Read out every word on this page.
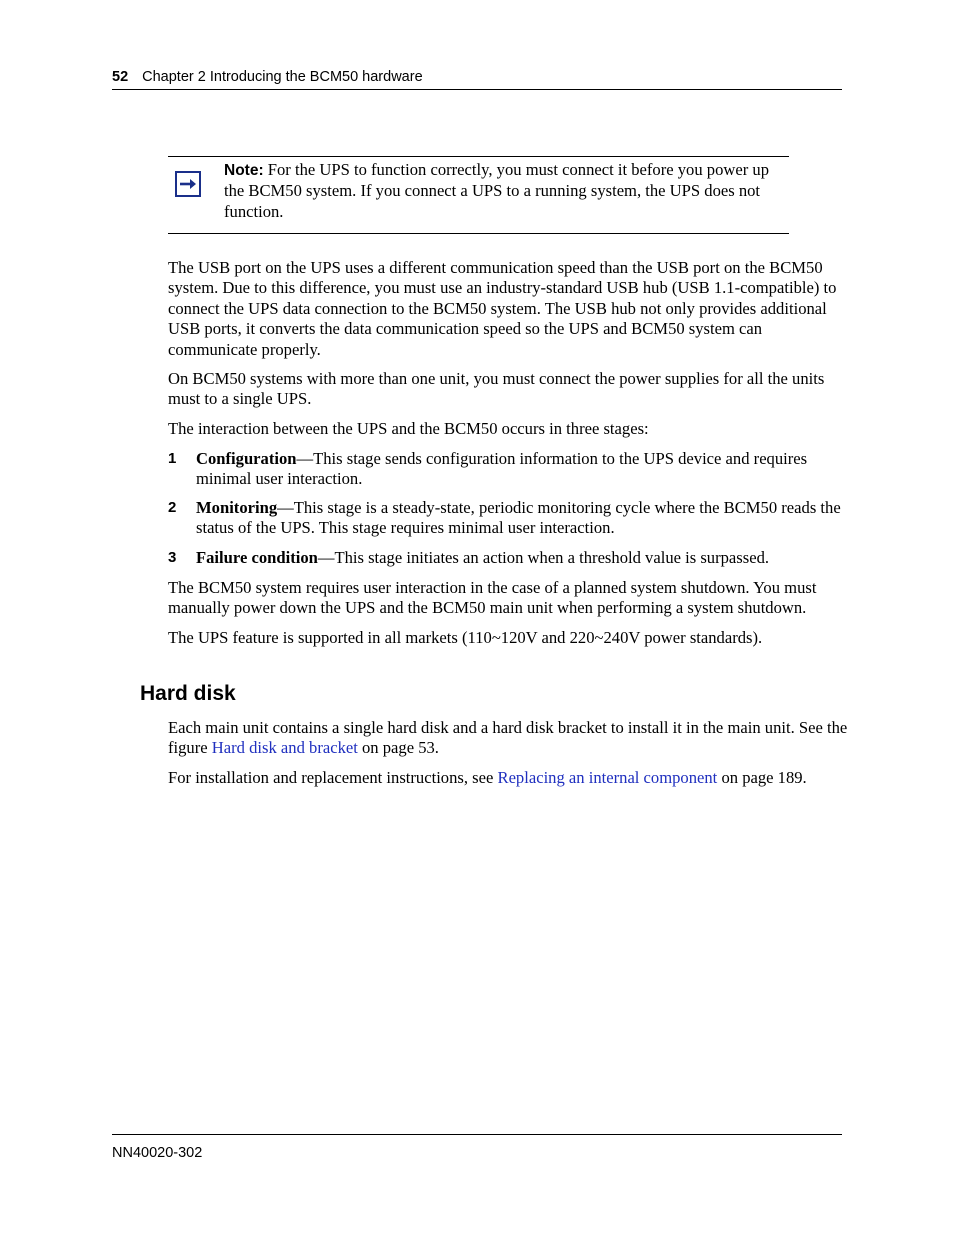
52 Chapter 2 Introducing the BCM50 hardware
Note: For the UPS to function correctly, you must connect it before you power up the BCM50 system. If you connect a UPS to a running system, the UPS does not function.

The USB port on the UPS uses a different communication speed than the USB port on the BCM50 system. Due to this difference, you must use an industry-standard USB hub (USB 1.1-compatible) to connect the UPS data connection to the BCM50 system. The USB hub not only provides additional USB ports, it converts the data communication speed so the UPS and BCM50 system can communicate properly.

On BCM50 systems with more than one unit, you must connect the power supplies for all the units must to a single UPS.

The interaction between the UPS and the BCM50 occurs in three stages:

1 Configuration—This stage sends configuration information to the UPS device and requires minimal user interaction.
2 Monitoring—This stage is a steady-state, periodic monitoring cycle where the BCM50 reads the status of the UPS. This stage requires minimal user interaction.
3 Failure condition—This stage initiates an action when a threshold value is surpassed.

The BCM50 system requires user interaction in the case of a planned system shutdown. You must manually power down the UPS and the BCM50 main unit when performing a system shutdown.

The UPS feature is supported in all markets (110~120V and 220~240V power standards).

Hard disk

Each main unit contains a single hard disk and a hard disk bracket to install it in the main unit. See the figure Hard disk and bracket on page 53.

For installation and replacement instructions, see Replacing an internal component on page 189.

NN40020-302
